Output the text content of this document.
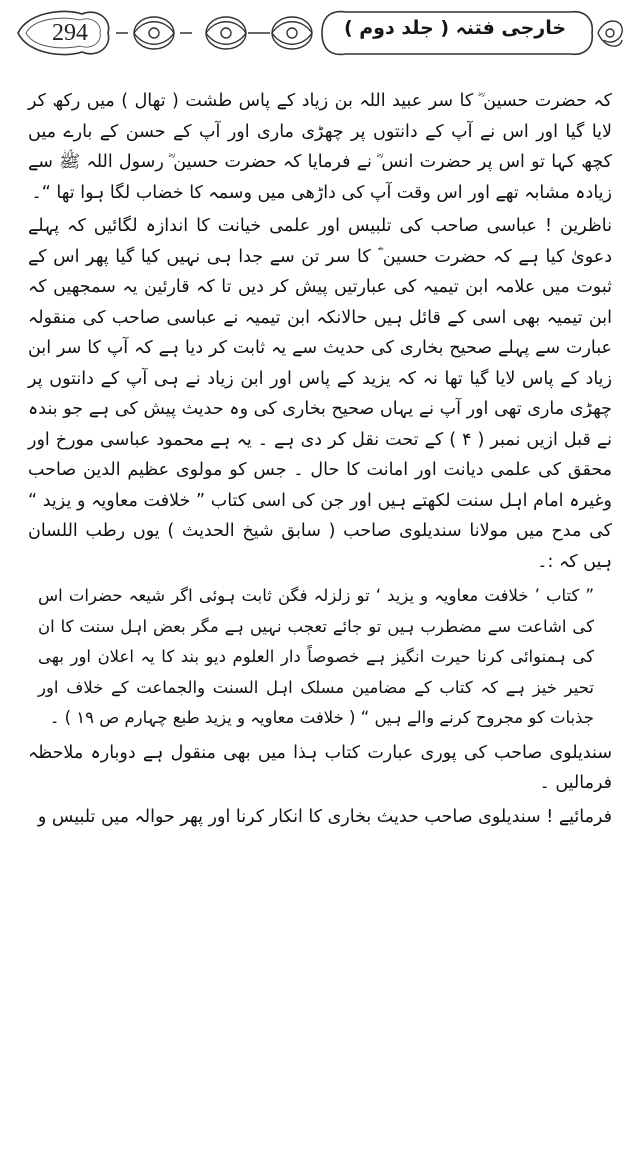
294	خارجی فتنہ ( جلد دوم )

کہ حضرت حسین ؓ کا سر عبید اللہ بن زیاد کے پاس طشت ( تھال ) میں رکھ کر لایا گیا اور اس نے آپ کے دانتوں پر چھڑی ماری اور آپ کے حسن کے بارے میں کچھ کہا تو اس پر حضرت انس ؓ نے فرمایا کہ حضرت حسین ؓ رسول اللہ ﷺ سے زیادہ مشابہ تھے اور اس وقت آپ کی داڑھی میں وسمہ کا خضاب لگا ہوا تھا “۔

ناظرین ! عباسی صاحب کی تلبیس اور علمی خیانت کا اندازہ لگائیں کہ پہلے دعویٰ کیا ہے کہ حضرت حسین ؓ کا سر تن سے جدا ہی نہیں کیا گیا پھر اس کے ثبوت میں علامہ ابن تیمیہ کی عبارتیں پیش کر دیں تا کہ قارئین یہ سمجھیں کہ ابن تیمیہ بھی اسی کے قائل ہیں حالانکہ ابن تیمیہ نے عباسی صاحب کی منقولہ عبارت سے پہلے صحیح بخاری کی حدیث سے یہ ثابت کر دیا ہے کہ آپ کا سر ابن زیاد کے پاس لایا گیا تھا نہ کہ یزید کے پاس اور ابن زیاد نے ہی آپ کے دانتوں پر چھڑی ماری تھی اور آپ نے یہاں صحیح بخاری کی وہ حدیث پیش کی ہے جو بندہ نے قبل ازیں نمبر ( ۴ ) کے تحت نقل کر دی ہے ۔ یہ ہے محمود عباسی مورخ اور محقق کی علمی دیانت اور امانت کا حال ۔ جس کو مولوی عظیم الدین صاحب وغیرہ امام اہل سنت لکھتے ہیں اور جن کی اسی کتاب ” خلافت معاویہ و یزید “ کی مدح میں مولانا سندیلوی صاحب ( سابق شیخ الحدیث ) یوں رطب اللسان ہیں کہ :۔

” کتاب ’ خلافت معاویہ و یزید ‘ تو زلزلہ فگن ثابت ہوئی اگر شیعہ حضرات اس کی اشاعت سے مضطرب ہیں تو جائے تعجب نہیں ہے مگر بعض اہل سنت کا ان کی ہمنوائی کرنا حیرت انگیز ہے خصوصاً دار العلوم دیو بند کا یہ اعلان اور بھی تحیر خیز ہے کہ کتاب کے مضامین مسلک اہل السنت والجماعت کے خلاف اور جذبات کو مجروح کرنے والے ہیں “ ( خلافت معاویہ و یزید طبع چہارم ص ۱۹ ) ۔

سندیلوی صاحب کی پوری عبارت کتاب ہذا میں بھی منقول ہے دوبارہ ملاحظہ فرمالیں ۔

فرمائیے ! سندیلوی صاحب حدیث بخاری کا انکار کرنا اور پھر حوالہ میں تلبیس و
